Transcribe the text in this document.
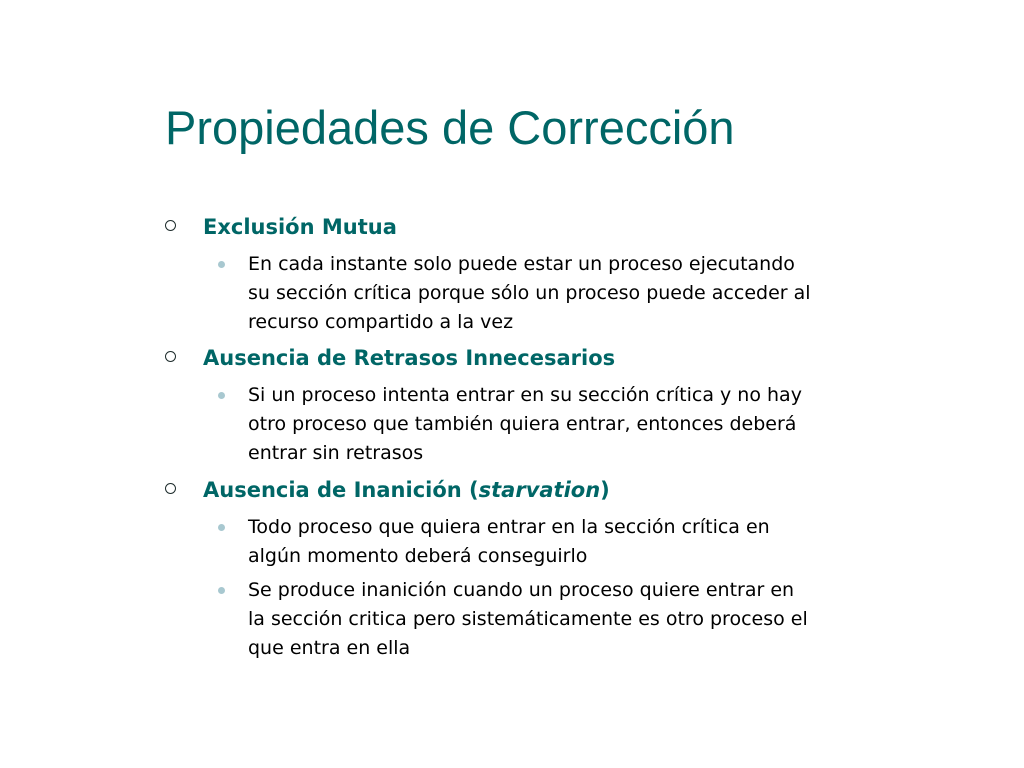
Propiedades de Corrección
Exclusión Mutua
En cada instante solo puede estar un proceso ejecutando
su sección crítica porque sólo un proceso puede acceder al
recurso compartido a la vez
Ausencia de Retrasos Innecesarios
Si un proceso intenta entrar en su sección crítica y no hay
otro proceso que también quiera entrar, entonces deberá
entrar sin retrasos
Ausencia de Inanición (starvation)
Todo proceso que quiera entrar en la sección crítica en
algún momento deberá conseguirlo
Se produce inanición cuando un proceso quiere entrar en
la sección critica pero sistemáticamente es otro proceso el
que entra en ella
